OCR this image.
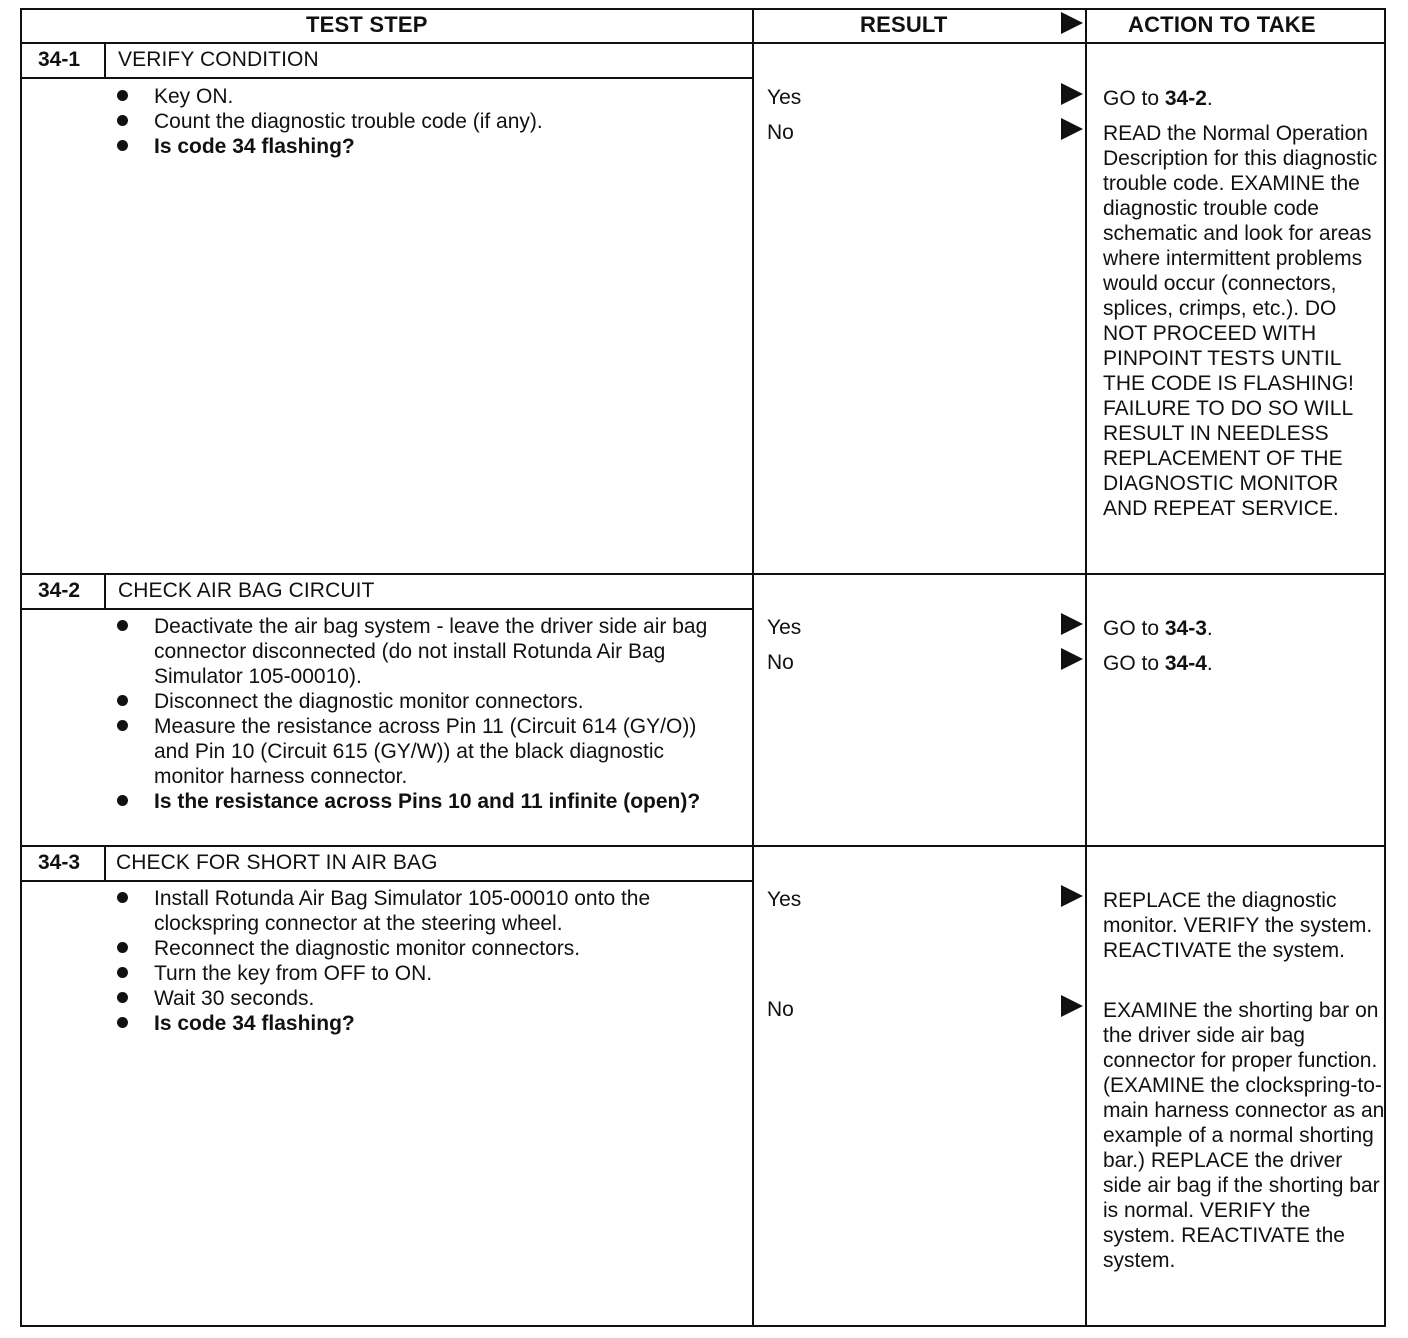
TEST STEP	RESULT	ACTION TO TAKE
34-1 VERIFY CONDITION
Key ON.
Count the diagnostic trouble code (if any).
Is code 34 flashing?
Yes	GO to 34-2.
No	READ the Normal Operation Description for this diagnostic trouble code. EXAMINE the diagnostic trouble code schematic and look for areas where intermittent problems would occur (connectors, splices, crimps, etc.). DO NOT PROCEED WITH PINPOINT TESTS UNTIL THE CODE IS FLASHING! FAILURE TO DO SO WILL RESULT IN NEEDLESS REPLACEMENT OF THE DIAGNOSTIC MONITOR AND REPEAT SERVICE.
34-2 CHECK AIR BAG CIRCUIT
Deactivate the air bag system - leave the driver side air bag connector disconnected (do not install Rotunda Air Bag Simulator 105-00010).
Disconnect the diagnostic monitor connectors.
Measure the resistance across Pin 11 (Circuit 614 (GY/O)) and Pin 10 (Circuit 615 (GY/W)) at the black diagnostic monitor harness connector.
Is the resistance across Pins 10 and 11 infinite (open)?
Yes	GO to 34-3.
No	GO to 34-4.
34-3 CHECK FOR SHORT IN AIR BAG
Install Rotunda Air Bag Simulator 105-00010 onto the clockspring connector at the steering wheel.
Reconnect the diagnostic monitor connectors.
Turn the key from OFF to ON.
Wait 30 seconds.
Is code 34 flashing?
Yes	REPLACE the diagnostic monitor. VERIFY the system. REACTIVATE the system.
No	EXAMINE the shorting bar on the driver side air bag connector for proper function. (EXAMINE the clockspring-to-main harness connector as an example of a normal shorting bar.) REPLACE the driver side air bag if the shorting bar is normal. VERIFY the system. REACTIVATE the system.
